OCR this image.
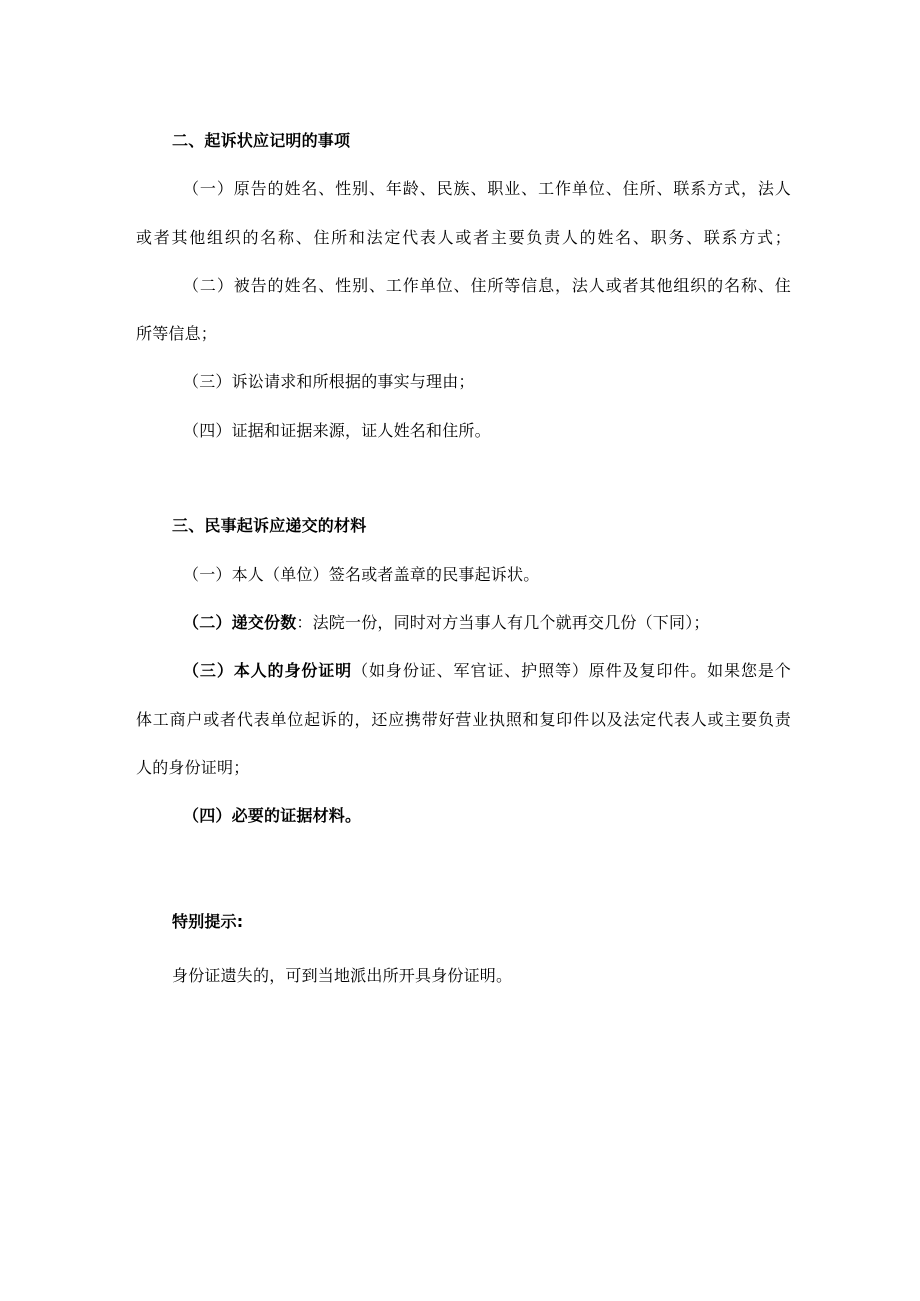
二、起诉状应记明的事项
（一）原告的姓名、性别、年龄、民族、职业、工作单位、住所、联系方式，法人
或者其他组织的名称、住所和法定代表人或者主要负责人的姓名、职务、联系方式；
（二）被告的姓名、性别、工作单位、住所等信息，法人或者其他组织的名称、住
所等信息；
（三）诉讼请求和所根据的事实与理由；
（四）证据和证据来源，证人姓名和住所。
三、民事起诉应递交的材料
（一）本人（单位）签名或者盖章的民事起诉状。
（二）递交份数：法院一份，同时对方当事人有几个就再交几份（下同）；
（三）本人的身份证明（如身份证、军官证、护照等）原件及复印件。如果您是个
体工商户或者代表单位起诉的，还应携带好营业执照和复印件以及法定代表人或主要负责
人的身份证明；
（四）必要的证据材料。
特别提示:
身份证遗失的，可到当地派出所开具身份证明。
